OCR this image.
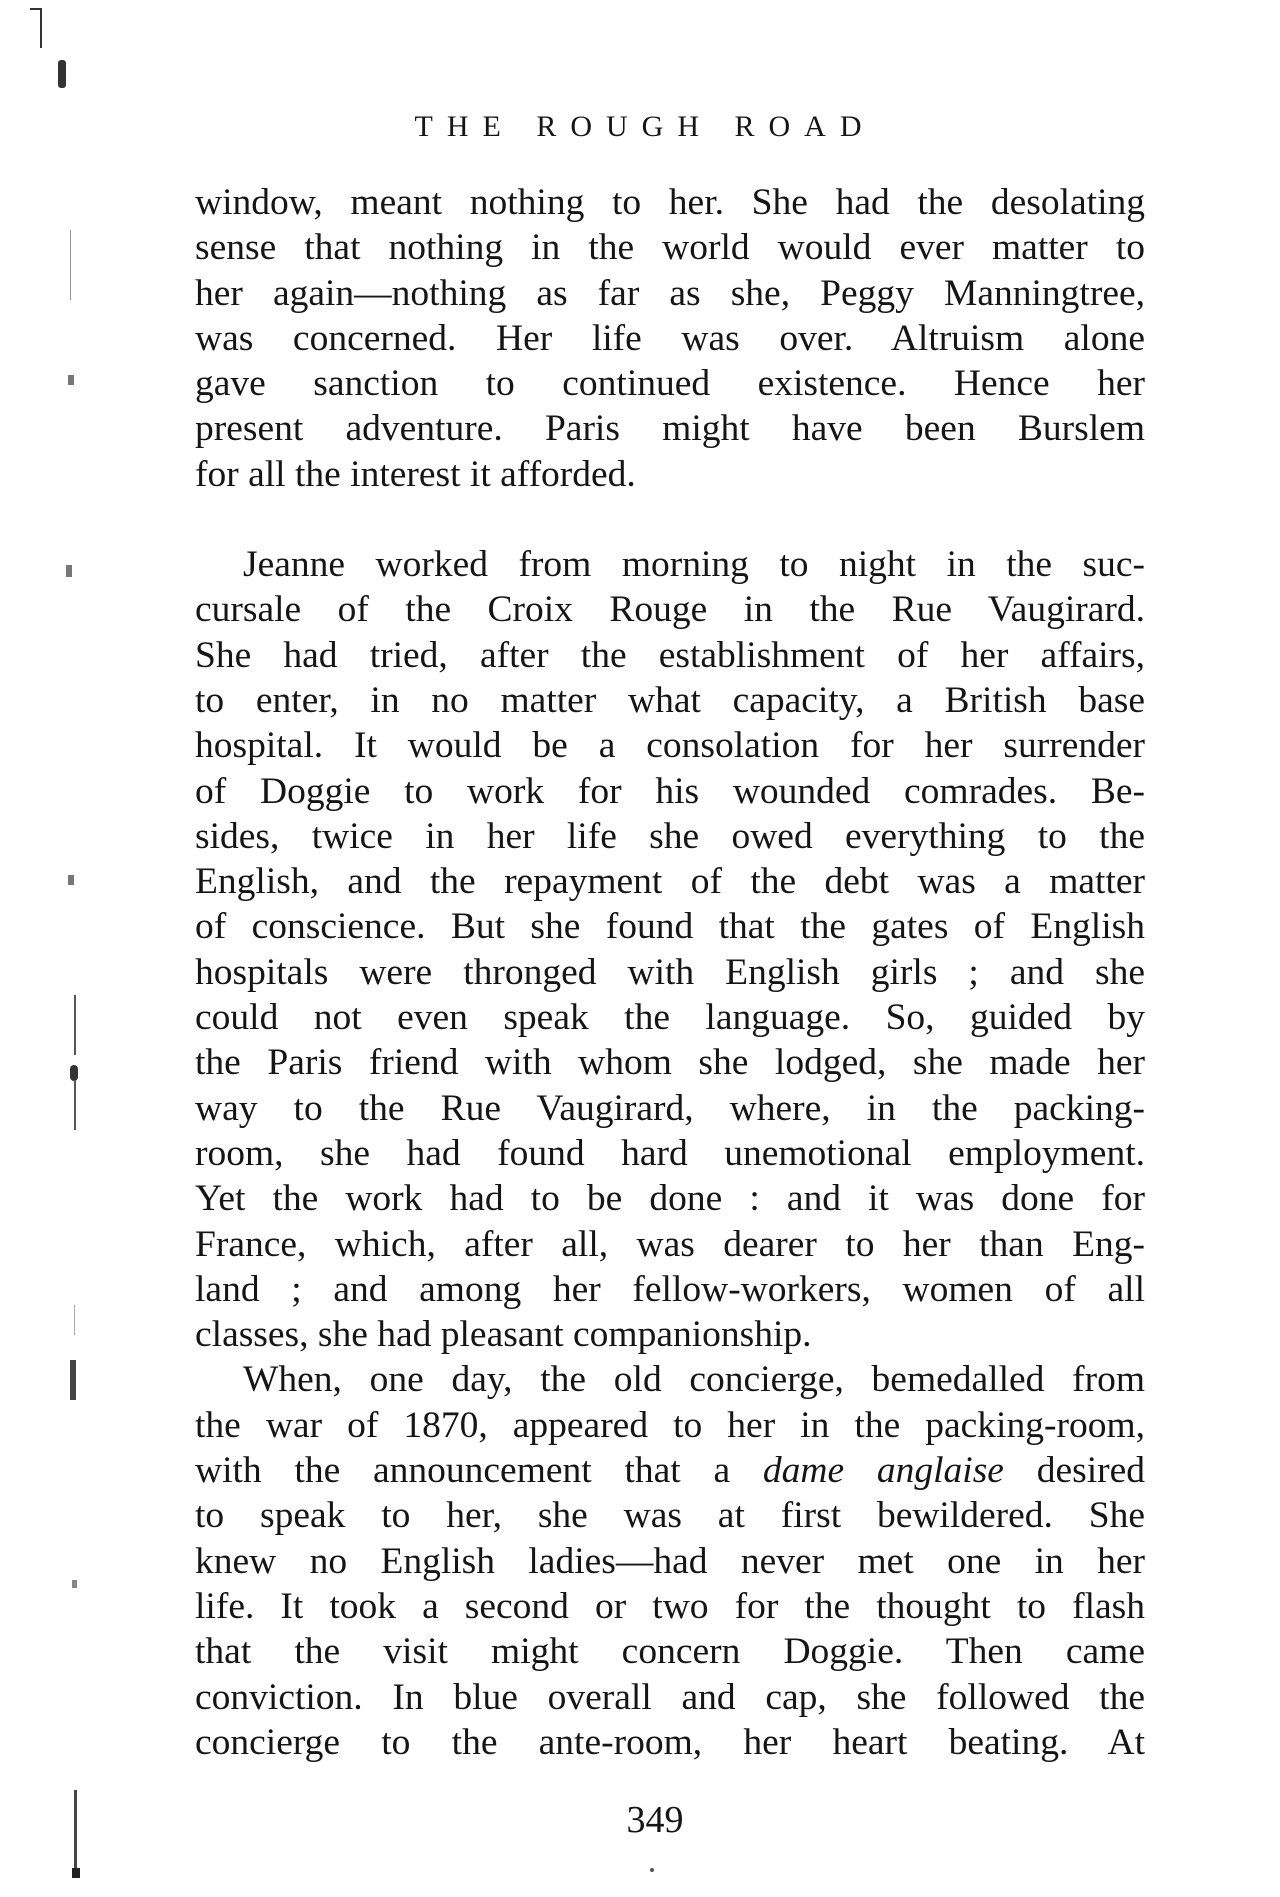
THE ROUGH ROAD
window, meant nothing to her. She had the desolating
sense that nothing in the world would ever matter to
her again—nothing as far as she, Peggy Manningtree,
was concerned. Her life was over. Altruism alone
gave sanction to continued existence. Hence her
present adventure. Paris might have been Burslem
for all the interest it afforded.
Jeanne worked from morning to night in the suc-
cursale of the Croix Rouge in the Rue Vaugirard.
She had tried, after the establishment of her affairs,
to enter, in no matter what capacity, a British base
hospital. It would be a consolation for her surrender
of Doggie to work for his wounded comrades. Be-
sides, twice in her life she owed everything to the
English, and the repayment of the debt was a matter
of conscience. But she found that the gates of English
hospitals were thronged with English girls ; and she
could not even speak the language. So, guided by
the Paris friend with whom she lodged, she made her
way to the Rue Vaugirard, where, in the packing-
room, she had found hard unemotional employment.
Yet the work had to be done : and it was done for
France, which, after all, was dearer to her than Eng-
land ; and among her fellow-workers, women of all
classes, she had pleasant companionship.
When, one day, the old concierge, bemedalled from
the war of 1870, appeared to her in the packing-room,
with the announcement that a dame anglaise desired
to speak to her, she was at first bewildered. She
knew no English ladies—had never met one in her
life. It took a second or two for the thought to flash
that the visit might concern Doggie. Then came
conviction. In blue overall and cap, she followed the
concierge to the ante-room, her heart beating. At
349
